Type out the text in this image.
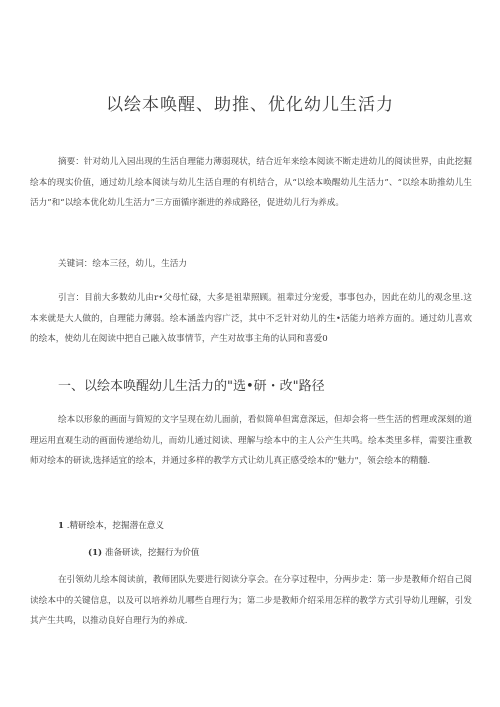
以绘本唤醒、助推、优化幼儿生活力
摘要：针对幼儿入园出现的生活自理能力薄弱现状，结合近年来绘本阅读不断走进幼儿的阅读世界，由此挖掘绘本的现实价值，通过幼儿绘本阅读与幼儿生活自理的有机结合，从“以绘本唤醒幼儿生活力”、“以绘本助推幼儿生活力”和“以绘本优化幼儿生活力”三方面循序渐进的养成路径，促进幼儿行为养成。
关键词：绘本三径，幼儿，生活力
引言：目前大多数幼儿由r•父母忙碌，大多是祖辈照顾。祖辈过分宠爱，事事包办，因此在幼儿的观念里.这本来就是大人做的，自理能力薄弱。绘本涵盖内容广泛，其中不乏针对幼儿的生•活能力培养方面的。通过幼儿喜欢的绘本，使幼儿在阅读中把自己融入故事情节，产生对故事主角的认同和喜爱0
一、以绘本唤醒幼儿生活力的"选•研・改"路径
绘本以形象的画面与简短的文字呈现在幼儿面前，看似简单但寓意深远，但却会将一些生活的哲理或深刻的道理运用直观生动的画面传递给幼儿，而幼儿通过阅读、理解与绘本中的主人公产生共鸣。绘本类里多样，需要注重教师对绘本的研读,选择适宜的绘本，并通过多样的教学方式让幼儿真正感受绘本的"魅力"，领会绘本的精髓.
1 .精研绘本，挖掘潜在意义
(1) 准备研读，挖掘行为价值
在引领幼儿绘本阅读前，教师团队先要进行阅读分享会。在分享过程中，分两步走：第一步是教师介绍自己阅读绘本中的关键信息，以及可以培养幼儿哪些自理行为；第二步是教师介绍采用怎样的教学方式引导幼儿理解，引发其产生共鸣，以推动良好自理行为的养成.
